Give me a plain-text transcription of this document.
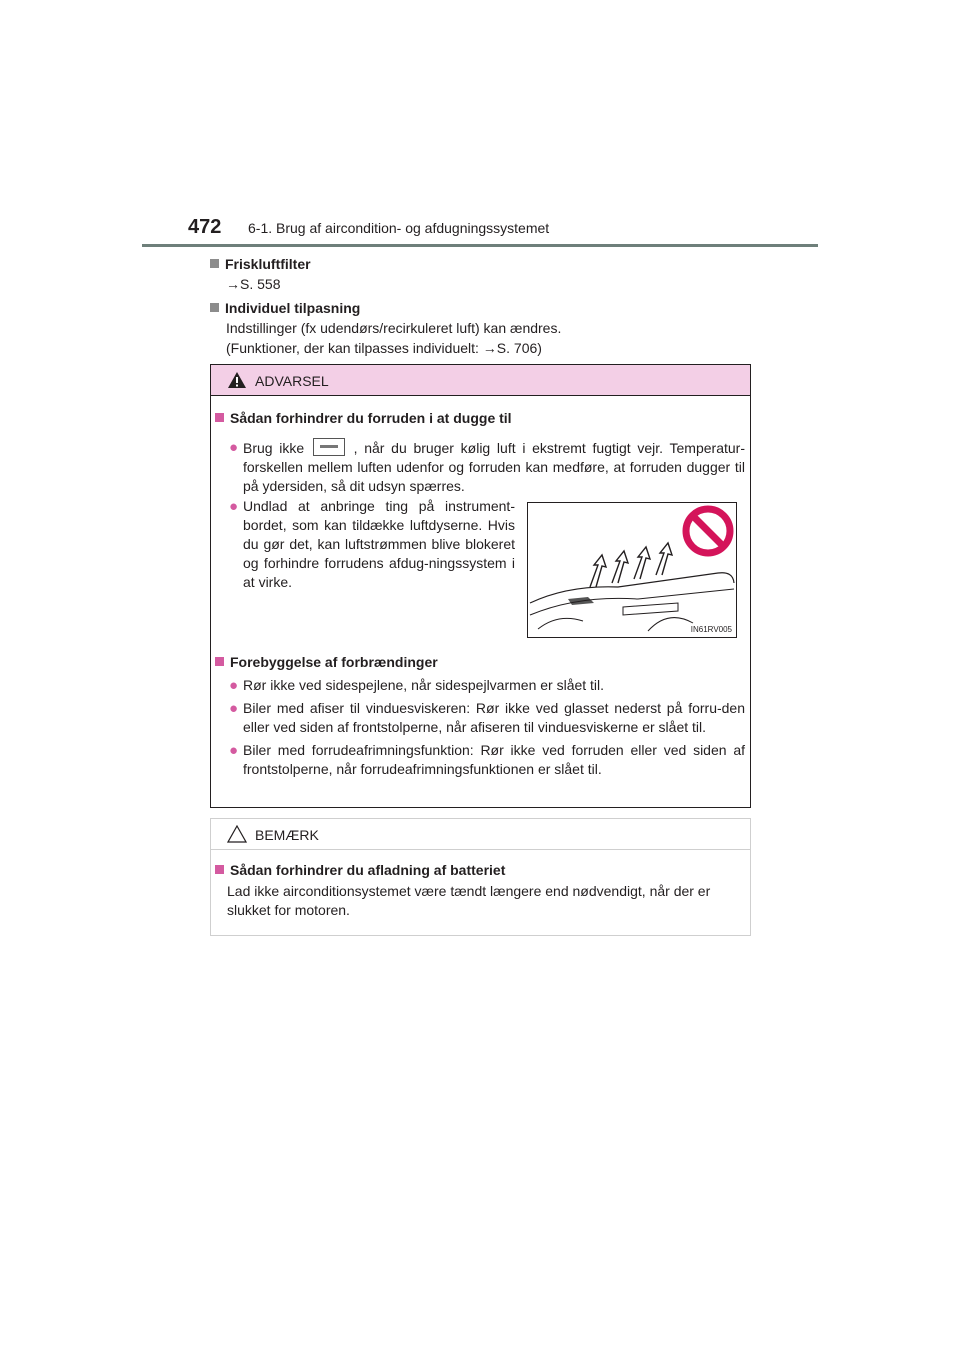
472 6-1. Brug af aircondition- og afdugningssystemet
Friskluftfilter
→S. 558
Individuel tilpasning
Indstillinger (fx udendørs/recirkuleret luft) kan ændres.
(Funktioner, der kan tilpasses individuelt: →S. 706)
ADVARSEL
Sådan forhindrer du forruden i at dugge til
● Brug ikke	, når du bruger kølig luft i ekstremt fugtigt vejr. Temperatur-forskellen mellem luften udenfor og forruden kan medføre, at forruden dugger til på ydersiden, så dit udsyn spærres.
● Undlad at anbringe ting på instrument-bordet, som kan tildække luftdyserne. Hvis du gør det, kan luftstrømmen blive blokeret og forhindre forrudens afdug-ningssystem i at virke.
IN61RV005
Forebyggelse af forbrændinger
● Rør ikke ved sidespejlene, når sidespejlvarmen er slået til.
● Biler med afiser til vinduesviskeren: Rør ikke ved glasset nederst på forru-den eller ved siden af frontstolperne, når afiseren til vinduesviskerne er slået til.
● Biler med forrudeafrimningsfunktion: Rør ikke ved forruden eller ved siden af frontstolperne, når forrudeafrimningsfunktionen er slået til.
BEMÆRK
Sådan forhindrer du afladning af batteriet
Lad ikke airconditionsystemet være tændt længere end nødvendigt, når der er slukket for motoren.
